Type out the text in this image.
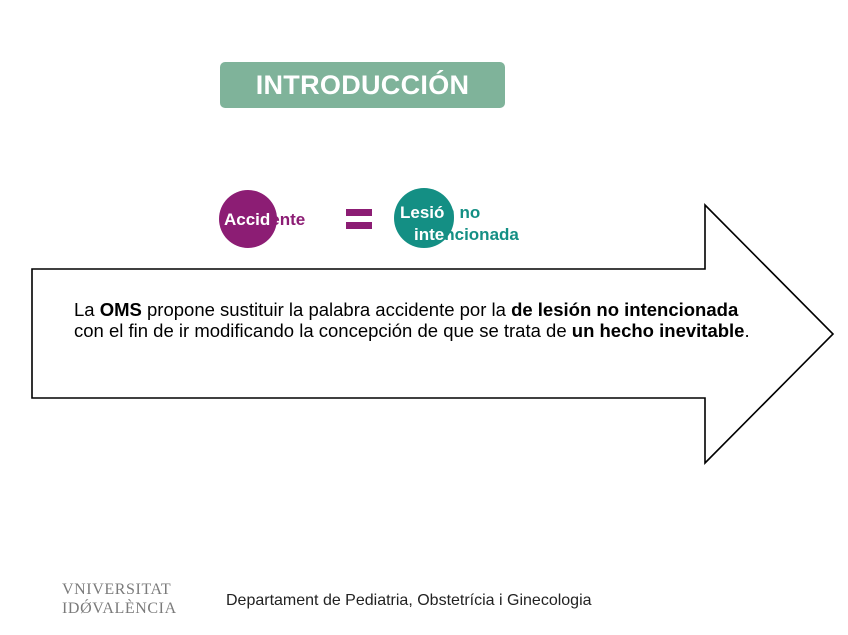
INTRODUCCIÓN
Accidente	Lesión no
intencionada
La OMS propone sustituir la palabra accidente por la de lesión no intencionada con el fin de ir modificando la concepción de que se trata de un hecho inevitable.
VNIVERSITAT
IDǾVALÈNCIA	Departament de Pediatria, Obstetrícia i Ginecologia
